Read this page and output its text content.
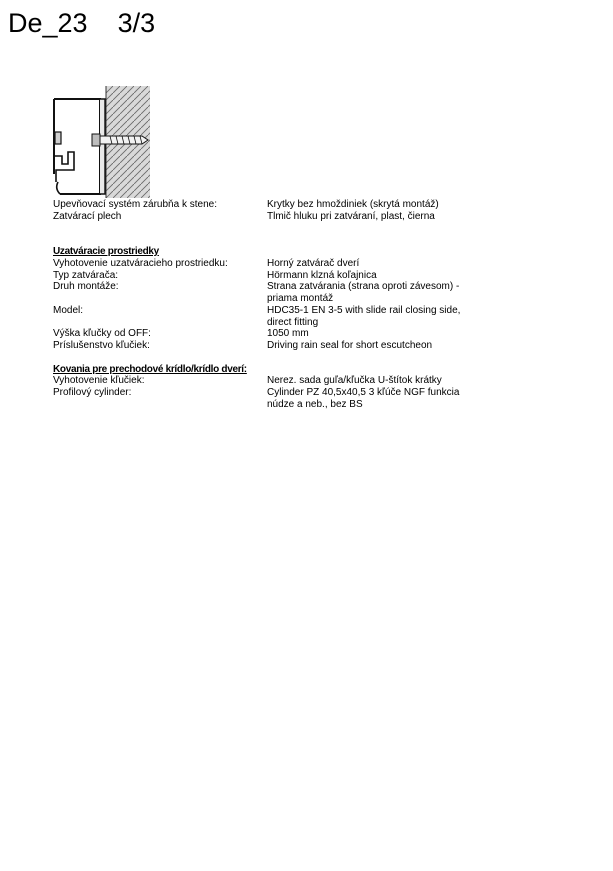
De_23    3/3
Upevňovací systém zárubňa k stene:	Krytky bez hmoždiniek (skrytá montáž)
Zatvárací plech	Tlmič hluku pri zatváraní, plast, čierna
Uzatváracie prostriedky
Vyhotovenie uzatváracieho prostriedku:	Horný zatvárač dverí
Typ zatvárača:	Hörmann klzná koľajnica
Druh montáže:	Strana zatvárania (strana oproti závesom) -
priama montáž
Model:	HDC35-1 EN 3-5 with slide rail closing side,
direct fitting
Výška kľučky od OFF:	1050 mm
Príslušenstvo kľučiek:	Driving rain seal for short escutcheon
Kovania pre prechodové krídlo/krídlo dverí:
Vyhotovenie kľučiek:	Nerez. sada guľa/kľučka U-štítok krátky
Profilový cylinder:	Cylinder PZ 40,5x40,5 3 kľúče NGF funkcia
núdze a neb., bez BS
